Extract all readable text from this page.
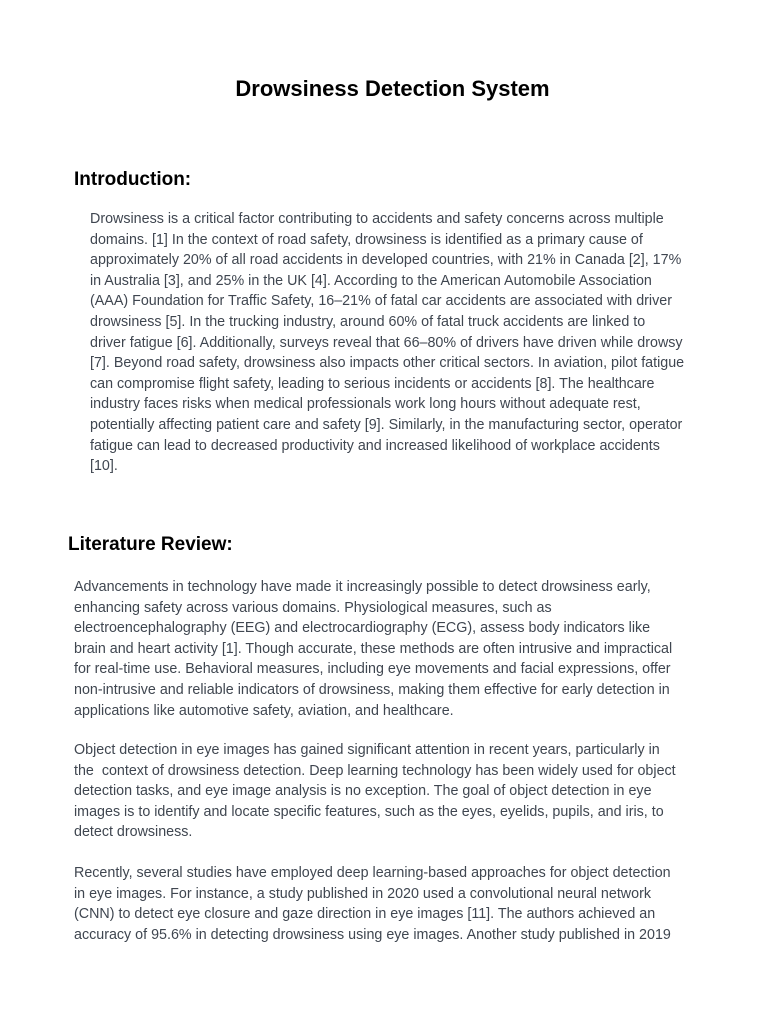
Drowsiness Detection System
Introduction:

Drowsiness is a critical factor contributing to accidents and safety concerns across multiple
domains. [1] In the context of road safety, drowsiness is identified as a primary cause of
approximately 20% of all road accidents in developed countries, with 21% in Canada [2], 17%
in Australia [3], and 25% in the UK [4]. According to the American Automobile Association
(AAA) Foundation for Traffic Safety, 16–21% of fatal car accidents are associated with driver
drowsiness [5]. In the trucking industry, around 60% of fatal truck accidents are linked to
driver fatigue [6]. Additionally, surveys reveal that 66–80% of drivers have driven while drowsy
[7]. Beyond road safety, drowsiness also impacts other critical sectors. In aviation, pilot fatigue
can compromise flight safety, leading to serious incidents or accidents [8]. The healthcare
industry faces risks when medical professionals work long hours without adequate rest,
potentially affecting patient care and safety [9]. Similarly, in the manufacturing sector, operator
fatigue can lead to decreased productivity and increased likelihood of workplace accidents
[10].

Literature Review:

Advancements in technology have made it increasingly possible to detect drowsiness early,
enhancing safety across various domains. Physiological measures, such as
electroencephalography (EEG) and electrocardiography (ECG), assess body indicators like
brain and heart activity [1]. Though accurate, these methods are often intrusive and impractical
for real-time use. Behavioral measures, including eye movements and facial expressions, offer
non-intrusive and reliable indicators of drowsiness, making them effective for early detection in
applications like automotive safety, aviation, and healthcare.

Object detection in eye images has gained significant attention in recent years, particularly in
the  context of drowsiness detection. Deep learning technology has been widely used for object
detection tasks, and eye image analysis is no exception. The goal of object detection in eye
images is to identify and locate specific features, such as the eyes, eyelids, pupils, and iris, to
detect drowsiness.

Recently, several studies have employed deep learning-based approaches for object detection
in eye images. For instance, a study published in 2020 used a convolutional neural network
(CNN) to detect eye closure and gaze direction in eye images [11]. The authors achieved an
accuracy of 95.6% in detecting drowsiness using eye images. Another study published in 2019
